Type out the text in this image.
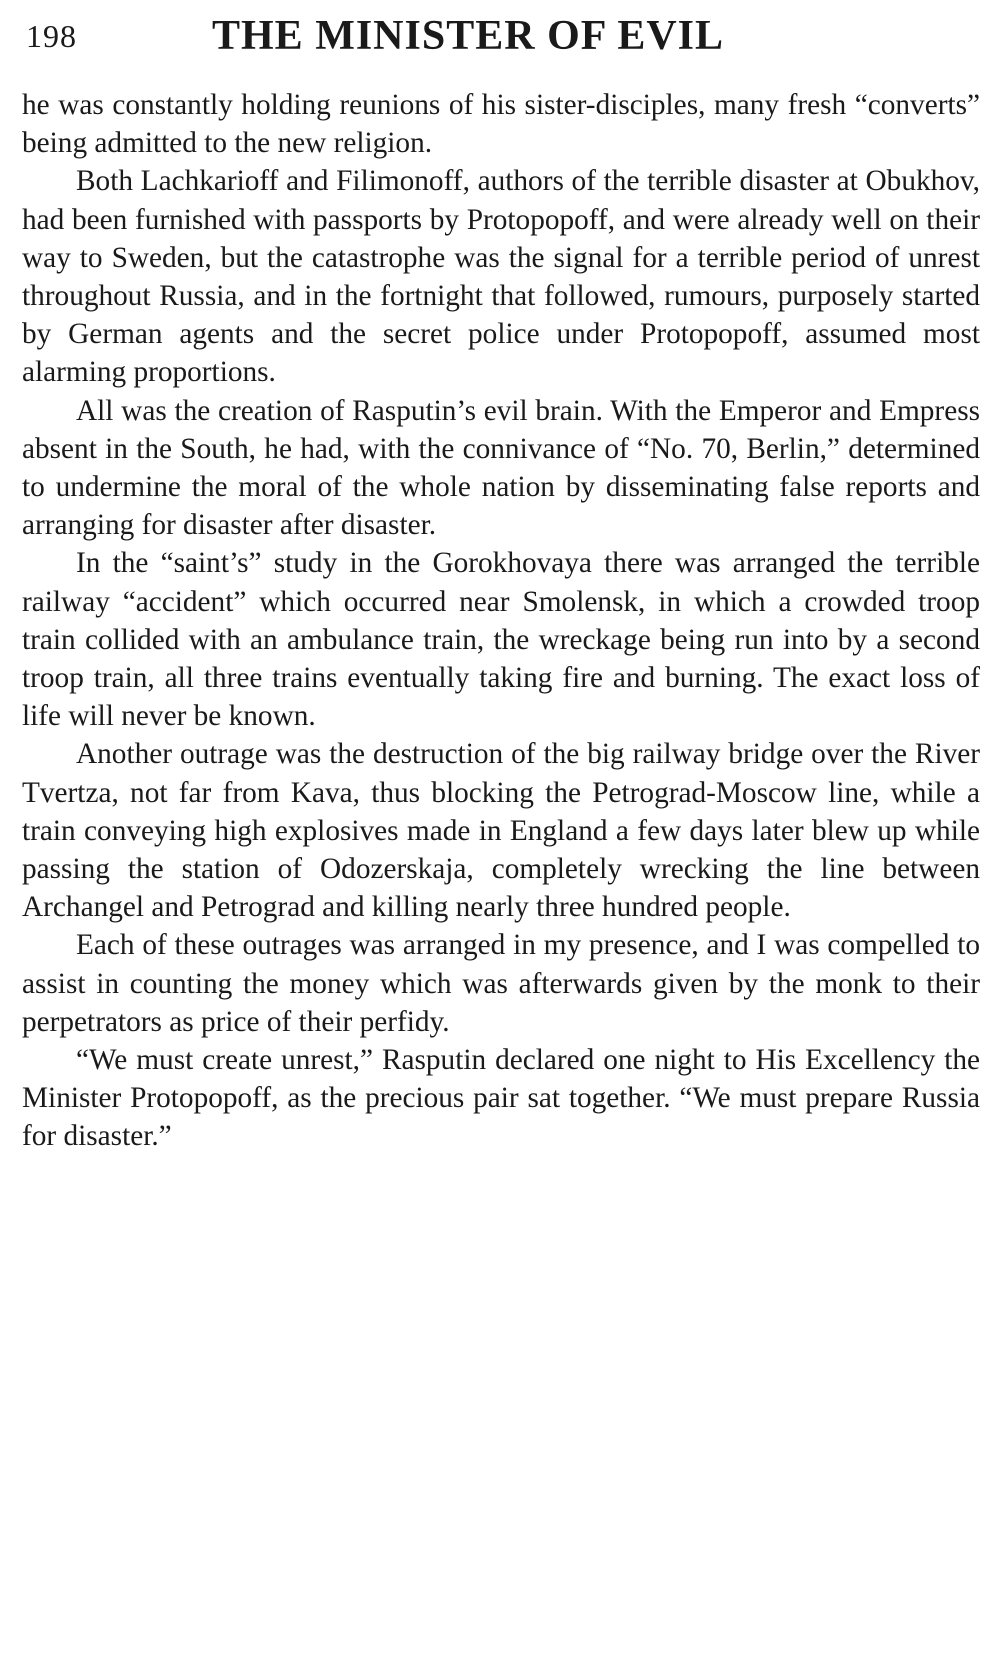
198	THE MINISTER OF EVIL

he was constantly holding reunions of his sister-disciples, many fresh “converts” being admitted to the new religion.

Both Lachkarioff and Filimonoff, authors of the terrible disaster at Obukhov, had been furnished with passports by Protopopoff, and were already well on their way to Sweden, but the catastrophe was the signal for a terrible period of unrest throughout Russia, and in the fortnight that followed, rumours, purposely started by German agents and the secret police under Protopopoff, assumed most alarming proportions.

All was the creation of Rasputin’s evil brain. With the Emperor and Empress absent in the South, he had, with the connivance of “No. 70, Berlin,” determined to undermine the moral of the whole nation by disseminating false reports and arranging for disaster after disaster.

In the “saint’s” study in the Gorokhovaya there was arranged the terrible railway “accident” which occurred near Smolensk, in which a crowded troop train collided with an ambulance train, the wreckage being run into by a second troop train, all three trains eventually taking fire and burning. The exact loss of life will never be known.

Another outrage was the destruction of the big railway bridge over the River Tvertza, not far from Kava, thus blocking the Petrograd-Moscow line, while a train conveying high explosives made in England a few days later blew up while passing the station of Odozerskaja, completely wrecking the line between Archangel and Petrograd and killing nearly three hundred people.

Each of these outrages was arranged in my presence, and I was compelled to assist in counting the money which was afterwards given by the monk to their perpetrators as price of their perfidy.

“We must create unrest,” Rasputin declared one night to His Excellency the Minister Protopopoff, as the precious pair sat together. “We must prepare Russia for disaster.”
